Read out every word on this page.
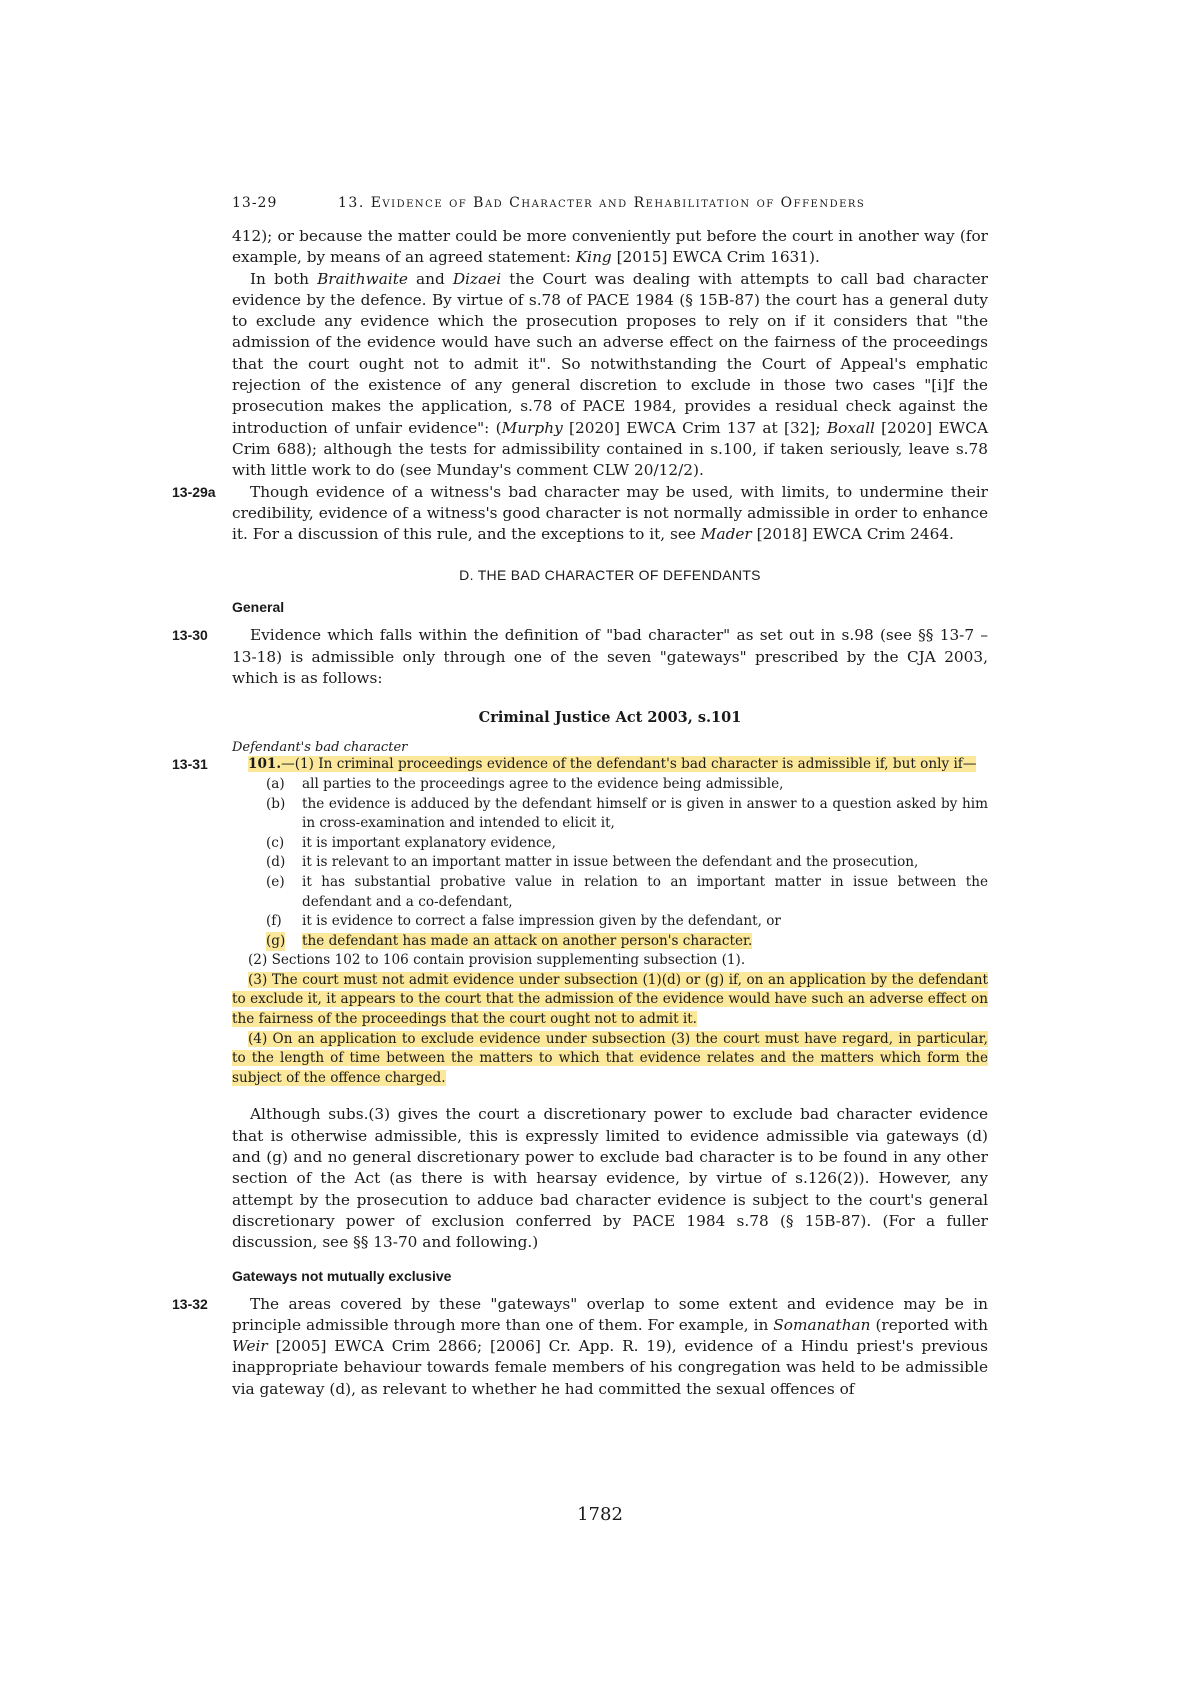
13-29	13. Evidence of Bad Character and Rehabilitation of Offenders

412); or because the matter could be more conveniently put before the court in another way (for example, by means of an agreed statement: King [2015] EWCA Crim 1631).

In both Braithwaite and Dizaei the Court was dealing with attempts to call bad character evidence by the defence. By virtue of s.78 of PACE 1984 (§ 15B-87) the court has a general duty to exclude any evidence which the prosecution proposes to rely on if it considers that "the admission of the evidence would have such an adverse effect on the fairness of the proceedings that the court ought not to admit it". So notwithstanding the Court of Appeal's emphatic rejection of the existence of any general discretion to exclude in those two cases "[i]f the prosecution makes the application, s.78 of PACE 1984, provides a residual check against the introduction of unfair evidence": (Murphy [2020] EWCA Crim 137 at [32]; Boxall [2020] EWCA Crim 688); although the tests for admissibility contained in s.100, if taken seriously, leave s.78 with little work to do (see Munday's comment CLW 20/12/2).

13-29a	Though evidence of a witness's bad character may be used, with limits, to undermine their credibility, evidence of a witness's good character is not normally admissible in order to enhance it. For a discussion of this rule, and the exceptions to it, see Mader [2018] EWCA Crim 2464.

D. THE BAD CHARACTER OF DEFENDANTS

General

13-30	Evidence which falls within the definition of "bad character" as set out in s.98 (see §§ 13-7 – 13-18) is admissible only through one of the seven "gateways" prescribed by the CJA 2003, which is as follows:

Criminal Justice Act 2003, s.101

Defendant's bad character

13-31	101.—(1) In criminal proceedings evidence of the defendant's bad character is admissible if, but only if—

(a) all parties to the proceedings agree to the evidence being admissible,

(b) the evidence is adduced by the defendant himself or is given in answer to a question asked by him in cross-examination and intended to elicit it,

(c) it is important explanatory evidence,

(d) it is relevant to an important matter in issue between the defendant and the prosecution,

(e) it has substantial probative value in relation to an important matter in issue between the defendant and a co-defendant,

(f) it is evidence to correct a false impression given by the defendant, or

(g) the defendant has made an attack on another person's character.

(2) Sections 102 to 106 contain provision supplementing subsection (1).

(3) The court must not admit evidence under subsection (1)(d) or (g) if, on an application by the defendant to exclude it, it appears to the court that the admission of the evidence would have such an adverse effect on the fairness of the proceedings that the court ought not to admit it.

(4) On an application to exclude evidence under subsection (3) the court must have regard, in particular, to the length of time between the matters to which that evidence relates and the matters which form the subject of the offence charged.

Although subs.(3) gives the court a discretionary power to exclude bad character evidence that is otherwise admissible, this is expressly limited to evidence admissible via gateways (d) and (g) and no general discretionary power to exclude bad character is to be found in any other section of the Act (as there is with hearsay evidence, by virtue of s.126(2)). However, any attempt by the prosecution to adduce bad character evidence is subject to the court's general discretionary power of exclusion conferred by PACE 1984 s.78 (§ 15B-87). (For a fuller discussion, see §§ 13-70 and following.)

Gateways not mutually exclusive

13-32	The areas covered by these "gateways" overlap to some extent and evidence may be in principle admissible through more than one of them. For example, in Somanathan (reported with Weir [2005] EWCA Crim 2866; [2006] Cr. App. R. 19), evidence of a Hindu priest's previous inappropriate behaviour towards female members of his congregation was held to be admissible via gateway (d), as relevant to whether he had committed the sexual offences of

1782
